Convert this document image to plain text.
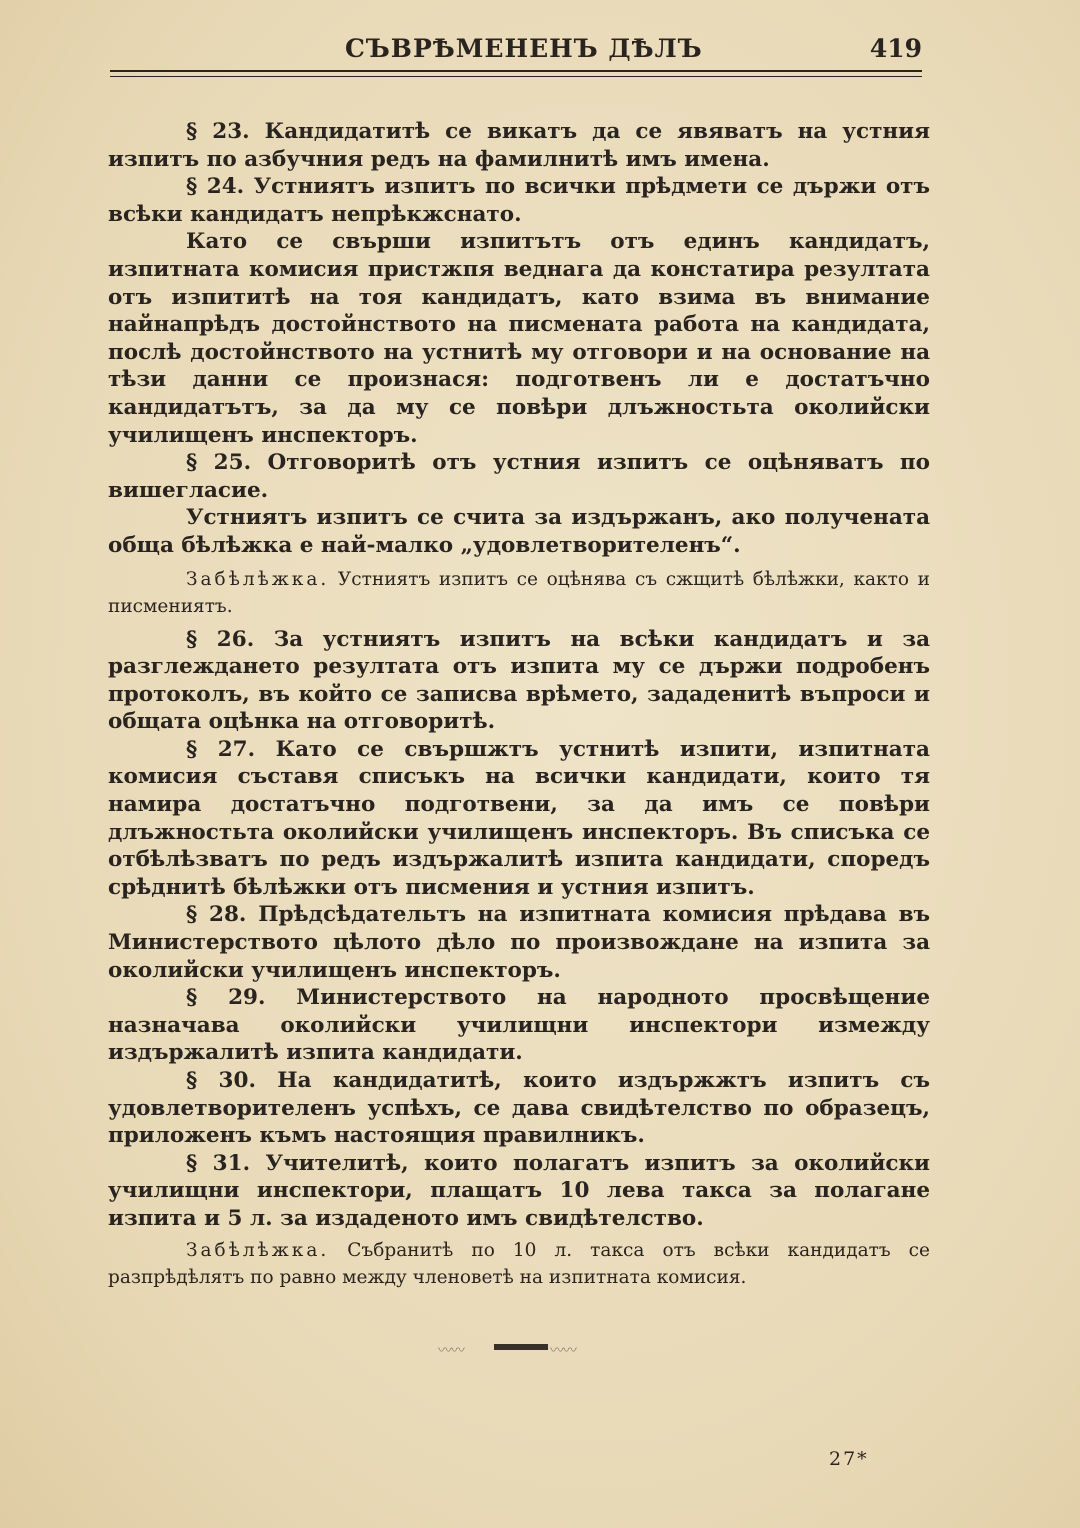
СЪВРѢМЕНЕНЪ ДѢЛЪ	419

§ 23. Кандидатитѣ се викатъ да се явяватъ на устния изпитъ по азбучния редъ на фамилнитѣ имъ имена.

§ 24. Устниятъ изпитъ по всички прѣдмети се държи отъ всѣки кандидатъ непрѣкжснато.

Като се свърши изпитътъ отъ единъ кандидатъ, изпитната комисия пристжпя веднага да констатира резултата отъ изпититѣ на тоя кандидатъ, като взима въ внимание найнапрѣдъ достойнството на писмената работа на кандидата, послѣ достойнството на устнитѣ му отговори и на основание на тѣзи данни се произнася: подготвенъ ли е достатъчно кандидатътъ, за да му се повѣри длъжностьта околийски училищенъ инспекторъ.

§ 25. Отговоритѣ отъ устния изпитъ се оцѣняватъ по вишегласие.

Устниятъ изпитъ се счита за издържанъ, ако получената обща бѣлѣжка е най-малко „удовлетворителенъ“.

Забѣлѣжка. Устниятъ изпитъ се оцѣнява съ сжщитѣ бѣлѣжки, както и писмениятъ.

§ 26. За устниятъ изпитъ на всѣки кандидатъ и за разглеждането резултата отъ изпита му се държи подробенъ протоколъ, въ който се записва врѣмето, зададенитѣ въпроси и общата оцѣнка на отговоритѣ.

§ 27. Като се свършжтъ устнитѣ изпити, изпитната комисия съставя списъкъ на всички кандидати, които тя намира достатъчно подготвени, за да имъ се повѣри длъжностьта околийски училищенъ инспекторъ. Въ списъка се отбѣлѣзватъ по редъ издържалитѣ изпита кандидати, споредъ срѣднитѣ бѣлѣжки отъ писмения и устния изпитъ.

§ 28. Прѣдсѣдательтъ на изпитната комисия прѣдава въ Министерството цѣлото дѣло по произвождане на изпита за околийски училищенъ инспекторъ.

§ 29. Министерството на народното просвѣщение назначава околийски училищни инспектори измежду издържалитѣ изпита кандидати.

§ 30. На кандидатитѣ, които издържжтъ изпитъ съ удовлетворителенъ успѣхъ, се дава свидѣтелство по образецъ, приложенъ къмъ настоящия правилникъ.

§ 31. Учителитѣ, които полагатъ изпитъ за околийски училищни инспектори, плащатъ 10 лева такса за полагане изпита и 5 л. за издаденото имъ свидѣтелство.

Забѣлѣжка. Събранитѣ по 10 л. такса отъ всѣки кандидатъ се разпрѣдѣлятъ по равно между членоветѣ на изпитната комисия.

〰〰	〰〰
27*
